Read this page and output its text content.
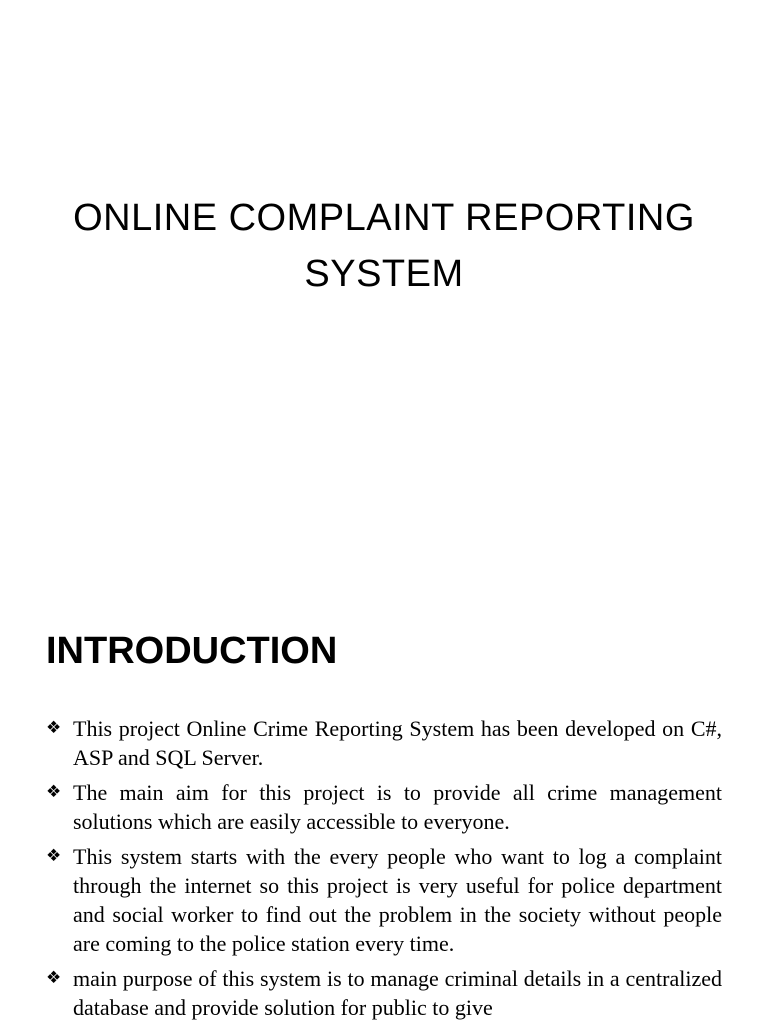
ONLINE COMPLAINT REPORTING
SYSTEM
INTRODUCTION
❖ This project Online Crime Reporting System has been developed on C#, ASP and SQL Server.
❖ The main aim for this project is to provide all crime management solutions which are easily accessible to everyone.
❖ This system starts with the every people who want to log a complaint through the internet so this project is very useful for police department and social worker to find out the problem in the society without people are coming to the police station every time.
❖ main purpose of this system is to manage criminal details in a centralized database and provide solution for public to give
